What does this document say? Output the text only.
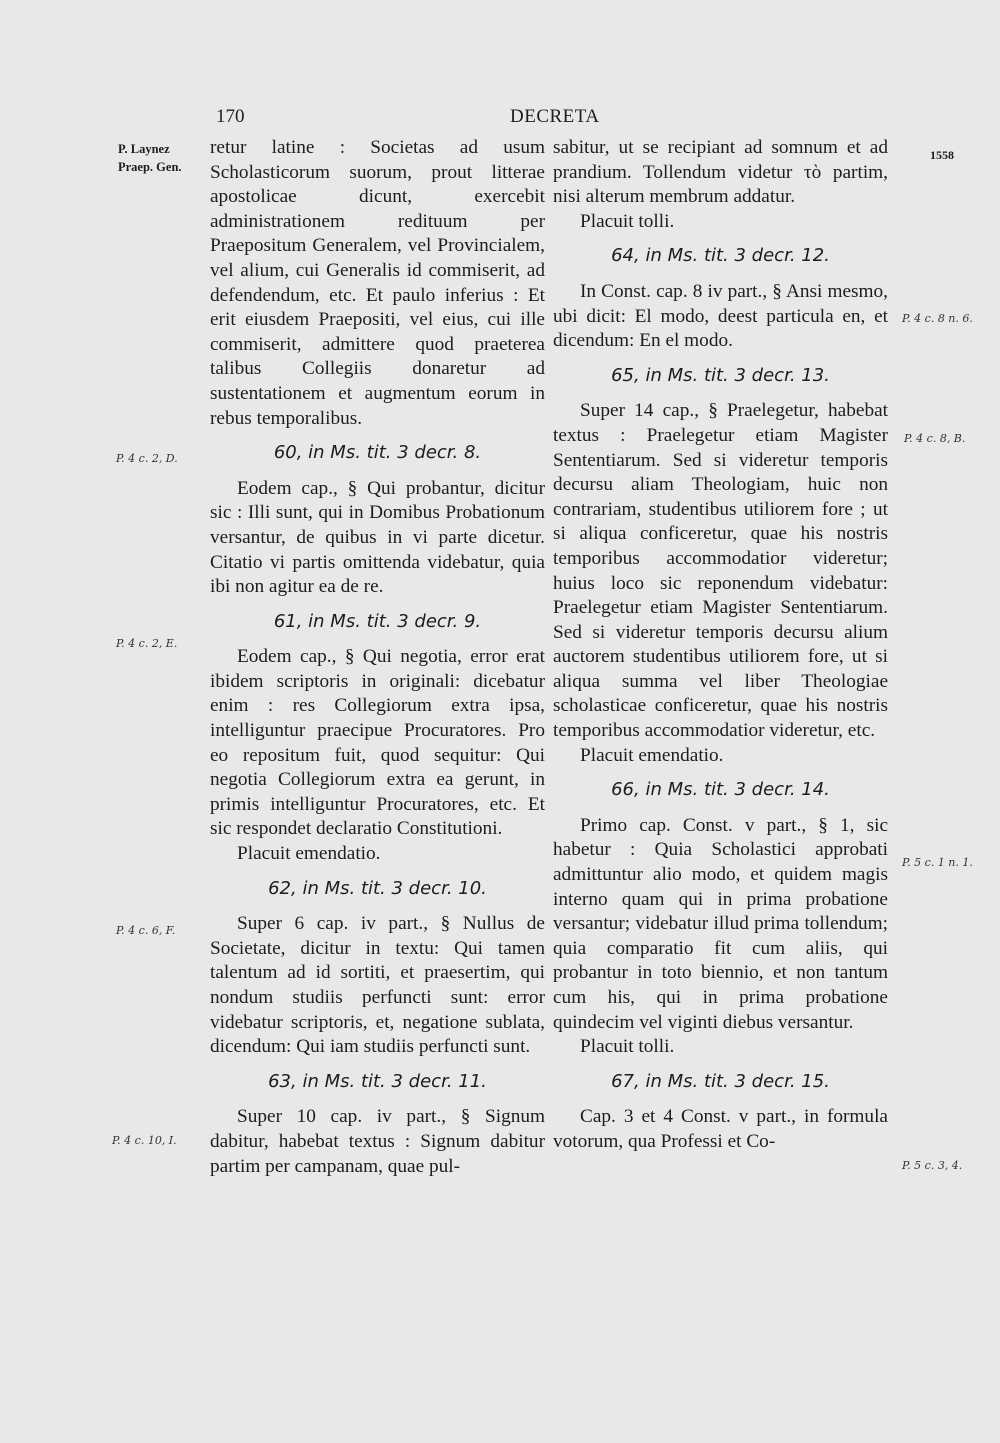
170	DECRETA
P. Laynez
Praep. Gen.
1558
P. 4 c. 2, D.
P. 4 c. 2, E.
P. 4 c. 6, F.
P. 4 c. 10, I.
P. 4 c. 8 n. 6.
P. 4 c. 8, B.
P. 5 c. 1 n. 1.
P. 5 c. 3, 4.

retur latine : Societas ad usum Scholasticorum suorum, prout litterae apostolicae dicunt, exercebit administrationem redituum per Praepositum Generalem, vel Provincialem, vel alium, cui Generalis id commiserit, ad defendendum, etc. Et paulo inferius : Et erit eiusdem Praepositi, vel eius, cui ille commiserit, admittere quod praeterea talibus Collegiis donaretur ad sustentationem et augmentum eorum in rebus temporalibus.

60, in Ms. tit. 3 decr. 8.

Eodem cap., § Qui probantur, dicitur sic : Illi sunt, qui in Domibus Probationum versantur, de quibus in vi parte dicetur. Citatio vi partis omittenda videbatur, quia ibi non agitur ea de re.

61, in Ms. tit. 3 decr. 9.

Eodem cap., § Qui negotia, error erat ibidem scriptoris in originali: dicebatur enim : res Collegiorum extra ipsa, intelliguntur praecipue Procuratores. Pro eo repositum fuit, quod sequitur: Qui negotia Collegiorum extra ea gerunt, in primis intelliguntur Procuratores, etc. Et sic respondet declaratio Constitutioni.

Placuit emendatio.

62, in Ms. tit. 3 decr. 10.

Super 6 cap. iv part., § Nullus de Societate, dicitur in textu: Qui tamen talentum ad id sortiti, et praesertim, qui nondum studiis perfuncti sunt: error videbatur scriptoris, et, negatione sublata, dicendum: Qui iam studiis perfuncti sunt.

63, in Ms. tit. 3 decr. 11.

Super 10 cap. iv part., § Signum dabitur, habebat textus : Signum dabitur partim per campanam, quae pul-

sabitur, ut se recipiant ad somnum et ad prandium. Tollendum videtur τὸ partim, nisi alterum membrum addatur.

Placuit tolli.

64, in Ms. tit. 3 decr. 12.

In Const. cap. 8 iv part., § Ansi mesmo, ubi dicit: El modo, deest particula en, et dicendum: En el modo.

65, in Ms. tit. 3 decr. 13.

Super 14 cap., § Praelegetur, habebat textus : Praelegetur etiam Magister Sententiarum. Sed si videretur temporis decursu aliam Theologiam, huic non contrariam, studentibus utiliorem fore ; ut si aliqua conficeretur, quae his nostris temporibus accommodatior videretur; huius loco sic reponendum videbatur: Praelegetur etiam Magister Sententiarum. Sed si videretur temporis decursu alium auctorem studentibus utiliorem fore, ut si aliqua summa vel liber Theologiae scholasticae conficeretur, quae his nostris temporibus accommodatior videretur, etc.

Placuit emendatio.

66, in Ms. tit. 3 decr. 14.

Primo cap. Const. v part., § 1, sic habetur : Quia Scholastici approbati admittuntur alio modo, et quidem magis interno quam qui in prima probatione versantur; videbatur illud prima tollendum; quia comparatio fit cum aliis, qui probantur in toto biennio, et non tantum cum his, qui in prima probatione quindecim vel viginti diebus versantur.

Placuit tolli.

67, in Ms. tit. 3 decr. 15.

Cap. 3 et 4 Const. v part., in formula votorum, qua Professi et Co-
